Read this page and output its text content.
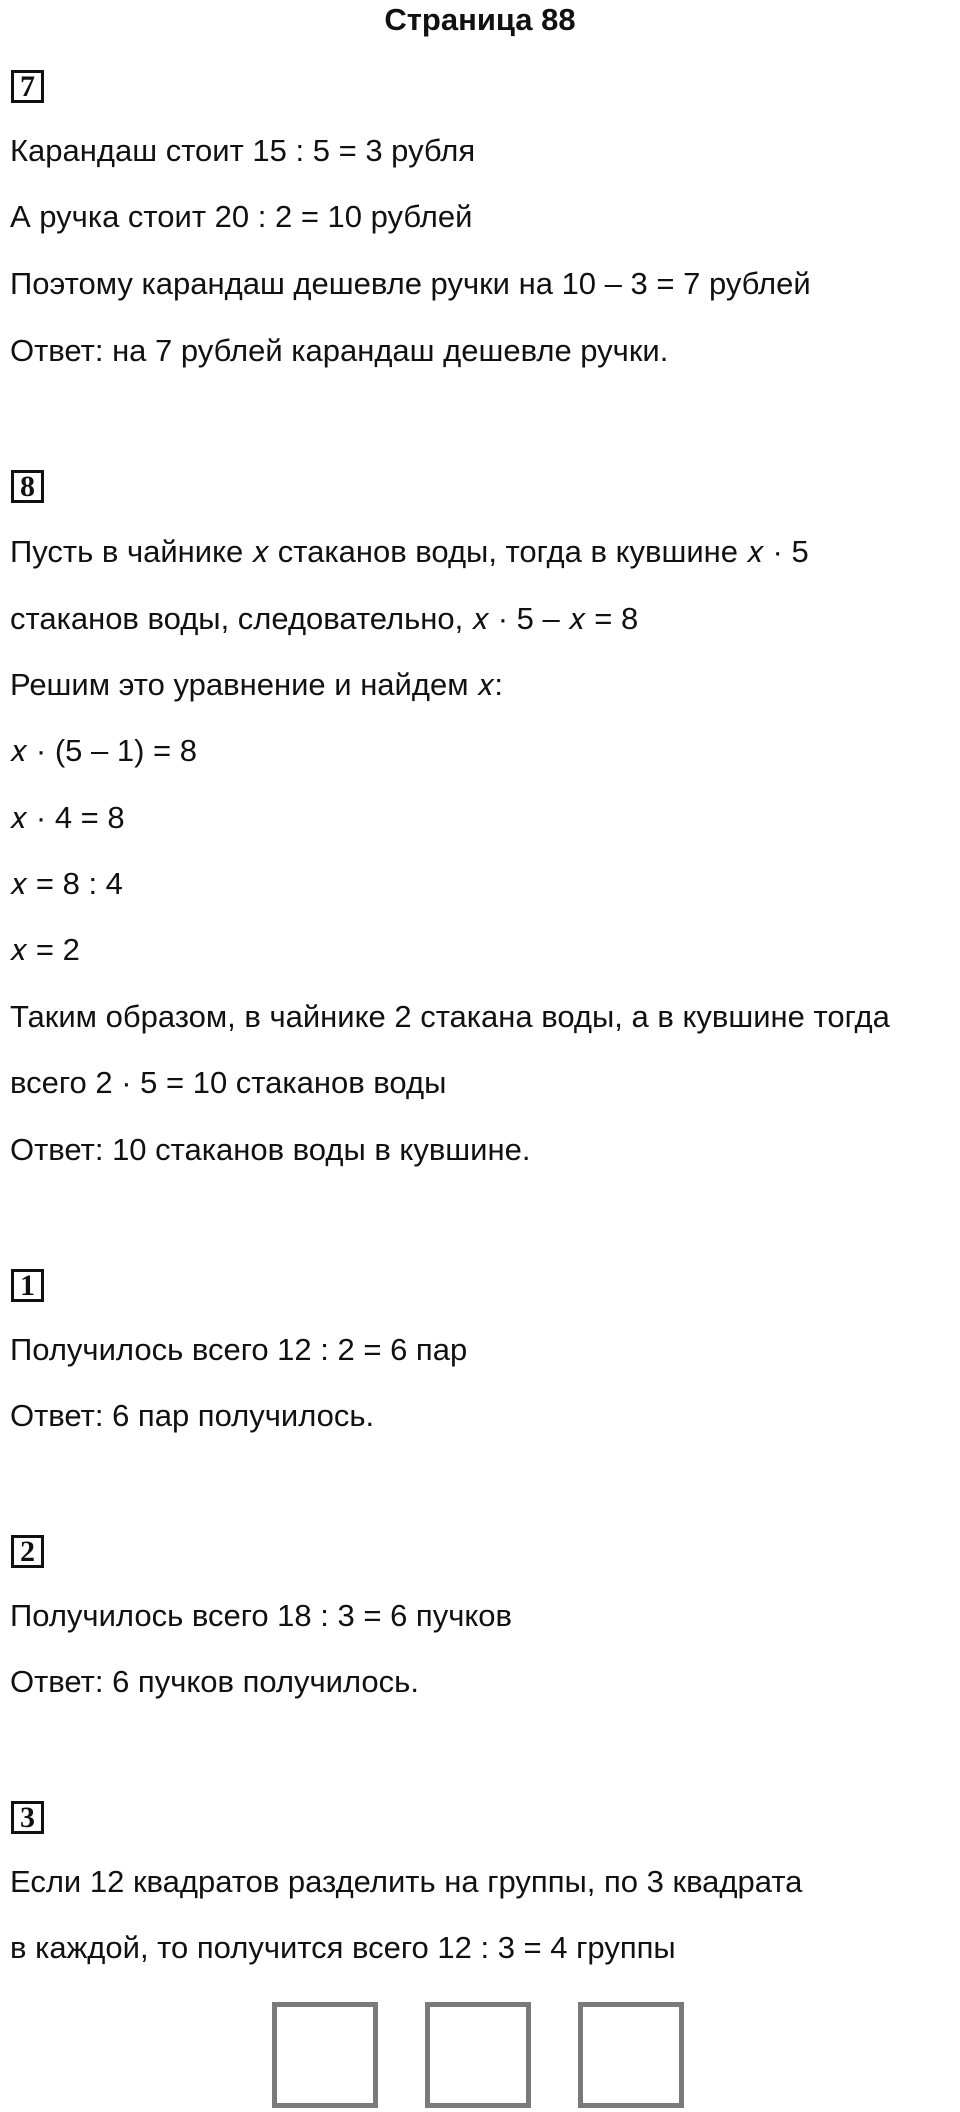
Страница 88
7
Карандаш стоит 15 : 5 = 3 рубля
А ручка стоит 20 : 2 = 10 рублей
Поэтому карандаш дешевле ручки на 10 – 3 = 7 рублей
Ответ: на 7 рублей карандаш дешевле ручки.
8
Пусть в чайнике 𝑥 стаканов воды, тогда в кувшине 𝑥 · 5
стаканов воды, следовательно, 𝑥 · 5 – 𝑥 = 8
Решим это уравнение и найдем 𝑥:
𝑥 · (5 – 1) = 8
𝑥 · 4 = 8
𝑥 = 8 : 4
𝑥 = 2
Таким образом, в чайнике 2 стакана воды, а в кувшине тогда
всего 2 · 5 = 10 стаканов воды
Ответ: 10 стаканов воды в кувшине.
1
Получилось всего 12 : 2 = 6 пар
Ответ: 6 пар получилось.
2
Получилось всего 18 : 3 = 6 пучков
Ответ: 6 пучков получилось.
3
Если 12 квадратов разделить на группы, по 3 квадрата
в каждой, то получится всего 12 : 3 = 4 группы
